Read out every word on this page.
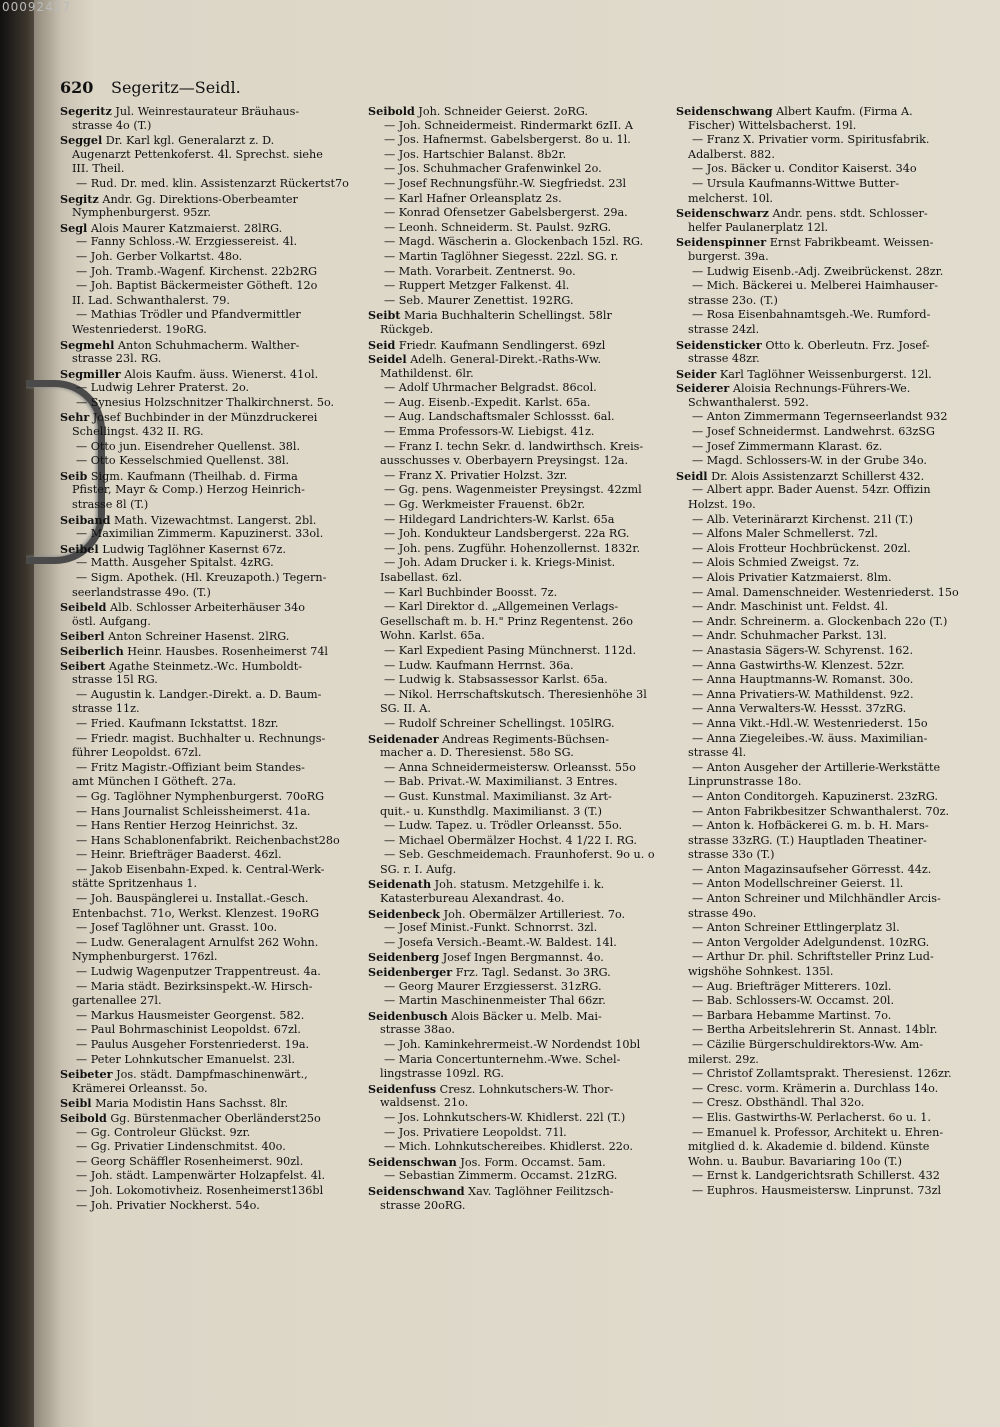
00092427
620 Segeritz—Seidl.
Segeritz Jul. Weinrestaurateur Bräuhaus-
strasse 4o (T.)
Seggel Dr. Karl kgl. Generalarzt z. D.
Augenarzt Pettenkoferst. 4l. Sprechst. siehe
III. Theil.
— Rud. Dr. med. klin. Assistenzarzt Rückertst7o
Segitz Andr. Gg. Direktions-Oberbeamter
Nymphenburgerst. 95zr.
Segl Alois Maurer Katzmaierst. 28lRG.
— Fanny Schloss.-W. Erzgiessereist. 4l.
— Joh. Gerber Volkartst. 48o.
— Joh. Tramb.-Wagenf. Kirchenst. 22b2RG
— Joh. Baptist Bäckermeister Götheft. 12o
II. Lad. Schwanthalerst. 79.
— Mathias Trödler und Pfandvermittler
Westenriederst. 19oRG.
Segmehl Anton Schuhmacherm. Walther-
strasse 23l. RG.
Segmiller Alois Kaufm. äuss. Wienerst. 41ol.
— Ludwig Lehrer Praterst. 2o.
— Synesius Holzschnitzer Thalkirchnerst. 5o.
Sehr Josef Buchbinder in der Münzdruckerei
Schellingst. 432 II. RG.
— Otto jun. Eisendreher Quellenst. 38l.
— Otto Kesselschmied Quellenst. 38l.
Seib Sigm. Kaufmann (Theilhab. d. Firma
Pfister, Mayr & Comp.) Herzog Heinrich-
strasse 8l (T.)
Seiband Math. Vizewachtmst. Langerst. 2bl.
— Maximilian Zimmerm. Kapuzinerst. 33ol.
Seibel Ludwig Taglöhner Kasernst 67z.
— Matth. Ausgeher Spitalst. 4zRG.
— Sigm. Apothek. (Hl. Kreuzapoth.) Tegern-
seerlandstrasse 49o. (T.)
Seibeld Alb. Schlosser Arbeiterhäuser 34o
östl. Aufgang.
Seiberl Anton Schreiner Hasenst. 2lRG.
Seiberlich Heinr. Hausbes. Rosenheimerst 74l
Seibert Agathe Steinmetz.-Wc. Humboldt-
strasse 15l RG.
— Augustin k. Landger.-Direkt. a. D. Baum-
strasse 11z.
— Fried. Kaufmann Ickstattst. 18zr.
— Friedr. magist. Buchhalter u. Rechnungs-
führer Leopoldst. 67zl.
— Fritz Magistr.-Offiziant beim Standes-
amt München I Götheft. 27a.
— Gg. Taglöhner Nymphenburgerst. 70oRG
— Hans Journalist Schleissheimerst. 41a.
— Hans Rentier Herzog Heinrichst. 3z.
— Hans Schablonenfabrikt. Reichenbachst28o
— Heinr. Briefträger Baaderst. 46zl.
— Jakob Eisenbahn-Exped. k. Central-Werk-
stätte Spritzenhaus 1.
— Joh. Bauspänglerei u. Installat.-Gesch.
Entenbachst. 71o, Werkst. Klenzest. 19oRG
— Josef Taglöhner unt. Grasst. 10o.
— Ludw. Generalagent Arnulfst 262 Wohn.
Nymphenburgerst. 176zl.
— Ludwig Wagenputzer Trappentreust. 4a.
— Maria städt. Bezirksinspekt.-W. Hirsch-
gartenallee 27l.
— Markus Hausmeister Georgenst. 582.
— Paul Bohrmaschinist Leopoldst. 67zl.
— Paulus Ausgeher Forstenriederst. 19a.
— Peter Lohnkutscher Emanuelst. 23l.
Seibeter Jos. städt. Dampfmaschinenwärt.,
Krämerei Orleansst. 5o.
Seibl Maria Modistin Hans Sachsst. 8lr.
Seibold Gg. Bürstenmacher Oberländerst25o
— Gg. Controleur Glückst. 9zr.
— Gg. Privatier Lindenschmitst. 40o.
— Georg Schäffler Rosenheimerst. 90zl.
— Joh. städt. Lampenwärter Holzapfelst. 4l.
— Joh. Lokomotivheiz. Rosenheimerst136bl
— Joh. Privatier Nockherst. 54o.
Seibold Joh. Schneider Geierst. 2oRG.
— Joh. Schneidermeist. Rindermarkt 6zII. A
— Jos. Hafnermst. Gabelsbergerst. 8o u. 1l.
— Jos. Hartschier Balanst. 8b2r.
— Jos. Schuhmacher Grafenwinkel 2o.
— Josef Rechnungsführ.-W. Siegfriedst. 23l
— Karl Hafner Orleansplatz 2s.
— Konrad Ofensetzer Gabelsbergerst. 29a.
— Leonh. Schneiderm. St. Paulst. 9zRG.
— Magd. Wäscherin a. Glockenbach 15zl. RG.
— Martin Taglöhner Siegesst. 22zl. SG. r.
— Math. Vorarbeit. Zentnerst. 9o.
— Ruppert Metzger Falkenst. 4l.
— Seb. Maurer Zenettist. 192RG.
Seibt Maria Buchhalterin Schellingst. 58lr
Rückgeb.
Seid Friedr. Kaufmann Sendlingerst. 69zl
Seidel Adelh. General-Direkt.-Raths-Ww.
Mathildenst. 6lr.
— Adolf Uhrmacher Belgradst. 86col.
— Aug. Eisenb.-Expedit. Karlst. 65a.
— Aug. Landschaftsmaler Schlossst. 6al.
— Emma Professors-W. Liebigst. 41z.
— Franz I. techn Sekr. d. landwirthsch. Kreis-
ausschusses v. Oberbayern Preysingst. 12a.
— Franz X. Privatier Holzst. 3zr.
— Gg. pens. Wagenmeister Preysingst. 42zml
— Gg. Werkmeister Frauenst. 6b2r.
— Hildegard Landrichters-W. Karlst. 65a
— Joh. Kondukteur Landsbergerst. 22a RG.
— Joh. pens. Zugführ. Hohenzollernst. 1832r.
— Joh. Adam Drucker i. k. Kriegs-Minist.
Isabellast. 6zl.
— Karl Buchbinder Boosst. 7z.
— Karl Direktor d. „Allgemeinen Verlags-
Gesellschaft m. b. H." Prinz Regentenst. 26o
Wohn. Karlst. 65a.
— Karl Expedient Pasing Münchnerst. 112d.
— Ludw. Kaufmann Herrnst. 36a.
— Ludwig k. Stabsassessor Karlst. 65a.
— Nikol. Herrschaftskutsch. Theresienhöhe 3l
SG. II. A.
— Rudolf Schreiner Schellingst. 105lRG.
Seidenader Andreas Regiments-Büchsen-
macher a. D. Theresienst. 58o SG.
— Anna Schneidermeistersw. Orleansst. 55o
— Bab. Privat.-W. Maximilianst. 3 Entres.
— Gust. Kunstmal. Maximilianst. 3z Art-
quit.- u. Kunsthdlg. Maximilianst. 3 (T.)
— Ludw. Tapez. u. Trödler Orleansst. 55o.
— Michael Obermälzer Hochst. 4 1/22 I. RG.
— Seb. Geschmeidemach. Fraunhoferst. 9o u. o
SG. r. I. Aufg.
Seidenath Joh. statusm. Metzgehilfe i. k.
Katasterbureau Alexandrast. 4o.
Seidenbeck Joh. Obermälzer Artilleriest. 7o.
— Josef Minist.-Funkt. Schnorrst. 3zl.
— Josefa Versich.-Beamt.-W. Baldest. 14l.
Seidenberg Josef Ingen Bergmannst. 4o.
Seidenberger Frz. Tagl. Sedanst. 3o 3RG.
— Georg Maurer Erzgiesserst. 31zRG.
— Martin Maschinenmeister Thal 66zr.
Seidenbusch Alois Bäcker u. Melb. Mai-
strasse 38ao.
— Joh. Kaminkehrermeist.-W Nordendst 10bl
— Maria Concertunternehm.-Wwe. Schel-
lingstrasse 109zl. RG.
Seidenfuss Cresz. Lohnkutschers-W. Thor-
waldsenst. 21o.
— Jos. Lohnkutschers-W. Khidlerst. 22l (T.)
— Jos. Privatiere Leopoldst. 71l.
— Mich. Lohnkutschereibes. Khidlerst. 22o.
Seidenschwan Jos. Form. Occamst. 5am.
— Sebastian Zimmerm. Occamst. 21zRG.
Seidenschwand Xav. Taglöhner Feilitzsch-
strasse 20oRG.
Seidenschwang Albert Kaufm. (Firma A.
Fischer) Wittelsbacherst. 19l.
— Franz X. Privatier vorm. Spiritusfabrik.
Adalberst. 882.
— Jos. Bäcker u. Conditor Kaiserst. 34o
— Ursula Kaufmanns-Wittwe Butter-
melcherst. 10l.
Seidenschwarz Andr. pens. stdt. Schlosser-
helfer Paulanerplatz 12l.
Seidenspinner Ernst Fabrikbeamt. Weissen-
burgerst. 39a.
— Ludwig Eisenb.-Adj. Zweibrückenst. 28zr.
— Mich. Bäckerei u. Melberei Haimhauser-
strasse 23o. (T.)
— Rosa Eisenbahnamtsgeh.-We. Rumford-
strasse 24zl.
Seidensticker Otto k. Oberleutn. Frz. Josef-
strasse 48zr.
Seider Karl Taglöhner Weissenburgerst. 12l.
Seiderer Aloisia Rechnungs-Führers-We.
Schwanthalerst. 592.
— Anton Zimmermann Tegernseerlandst 932
— Josef Schneidermst. Landwehrst. 63zSG
— Josef Zimmermann Klarast. 6z.
— Magd. Schlossers-W. in der Grube 34o.
Seidl Dr. Alois Assistenzarzt Schillerst 432.
— Albert appr. Bader Auenst. 54zr. Offizin
Holzst. 19o.
— Alb. Veterinärarzt Kirchenst. 21l (T.)
— Alfons Maler Schmellerst. 7zl.
— Alois Frotteur Hochbrückenst. 20zl.
— Alois Schmied Zweigst. 7z.
— Alois Privatier Katzmaierst. 8lm.
— Amal. Damenschneider. Westenriederst. 15o
— Andr. Maschinist unt. Feldst. 4l.
— Andr. Schreinerm. a. Glockenbach 22o (T.)
— Andr. Schuhmacher Parkst. 13l.
— Anastasia Sägers-W. Schyrenst. 162.
— Anna Gastwirths-W. Klenzest. 52zr.
— Anna Hauptmanns-W. Romanst. 30o.
— Anna Privatiers-W. Mathildenst. 9z2.
— Anna Verwalters-W. Hessst. 37zRG.
— Anna Vikt.-Hdl.-W. Westenriederst. 15o
— Anna Ziegeleibes.-W. äuss. Maximilian-
strasse 4l.
— Anton Ausgeher der Artillerie-Werkstätte
Linprunstrasse 18o.
— Anton Conditorgeh. Kapuzinerst. 23zRG.
— Anton Fabrikbesitzer Schwanthalerst. 70z.
— Anton k. Hofbäckerei G. m. b. H. Mars-
strasse 33zRG. (T.) Hauptladen Theatiner-
strasse 33o (T.)
— Anton Magazinsaufseher Görresst. 44z.
— Anton Modellschreiner Geierst. 1l.
— Anton Schreiner und Milchhändler Arcis-
strasse 49o.
— Anton Schreiner Ettlingerplatz 3l.
— Anton Vergolder Adelgundenst. 10zRG.
— Arthur Dr. phil. Schriftsteller Prinz Lud-
wigshöhe Sohnkest. 135l.
— Aug. Briefträger Mitterers. 10zl.
— Bab. Schlossers-W. Occamst. 20l.
— Barbara Hebamme Martinst. 7o.
— Bertha Arbeitslehrerin St. Annast. 14blr.
— Cäzilie Bürgerschuldirektors-Ww. Am-
milerst. 29z.
— Christof Zollamtsprakt. Theresienst. 126zr.
— Cresc. vorm. Krämerin a. Durchlass 14o.
— Cresz. Obsthändl. Thal 32o.
— Elis. Gastwirths-W. Perlacherst. 6o u. 1.
— Emanuel k. Professor, Architekt u. Ehren-
mitglied d. k. Akademie d. bildend. Künste
Wohn. u. Baubur. Bavariaring 10o (T.)
— Ernst k. Landgerichtsrath Schillerst. 432
— Euphros. Hausmeistersw. Linprunst. 73zl
